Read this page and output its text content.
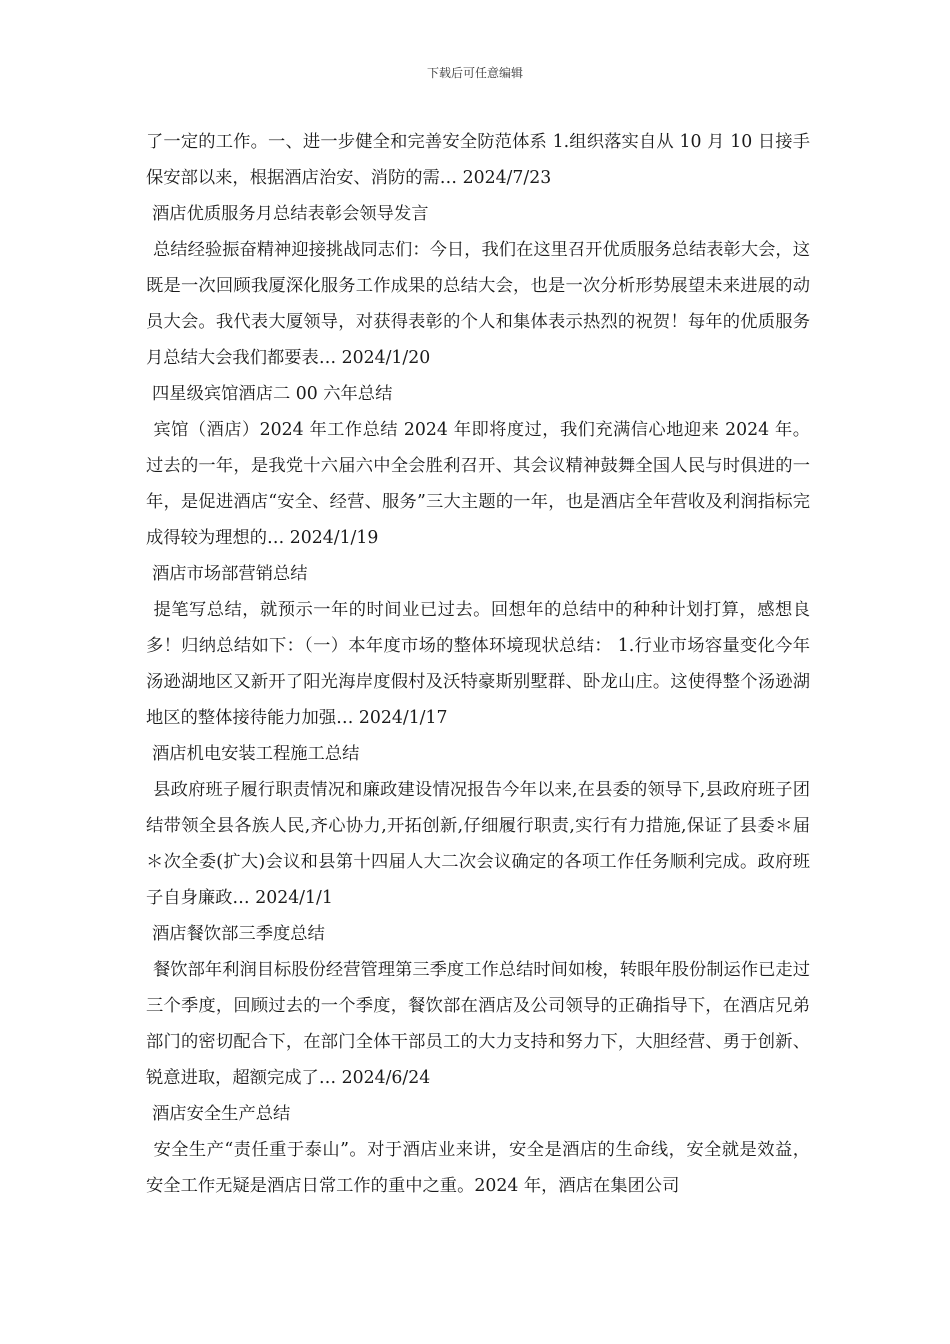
下载后可任意编辑

了一定的工作。一、进一步健全和完善安全防范体系 1.组织落实自从 10 月 10 日接手保安部以来，根据酒店治安、消防的需… 2024/7/23

酒店优质服务月总结表彰会领导发言

总结经验振奋精神迎接挑战同志们：今日，我们在这里召开优质服务总结表彰大会，这既是一次回顾我厦深化服务工作成果的总结大会，也是一次分析形势展望未来进展的动员大会。我代表大厦领导，对获得表彰的个人和集体表示热烈的祝贺！每年的优质服务月总结大会我们都要表… 2024/1/20

四星级宾馆酒店二 00 六年总结

宾馆（酒店）2024 年工作总结 2024 年即将度过，我们充满信心地迎来 2024 年。过去的一年，是我党十六届六中全会胜利召开、其会议精神鼓舞全国人民与时俱进的一年，是促进酒店“安全、经营、服务”三大主题的一年，也是酒店全年营收及利润指标完成得较为理想的… 2024/1/19

酒店市场部营销总结

提笔写总结，就预示一年的时间业已过去。回想年的总结中的种种计划打算，感想良多！归纳总结如下：（一）本年度市场的整体环境现状总结： 1.行业市场容量变化今年汤逊湖地区又新开了阳光海岸度假村及沃特豪斯别墅群、卧龙山庄。这使得整个汤逊湖地区的整体接待能力加强… 2024/1/17

酒店机电安装工程施工总结

县政府班子履行职责情况和廉政建设情况报告今年以来,在县委的领导下,县政府班子团结带领全县各族人民,齐心协力,开拓创新,仔细履行职责,实行有力措施,保证了县委＊届＊次全委(扩大)会议和县第十四届人大二次会议确定的各项工作任务顺利完成。政府班子自身廉政… 2024/1/1

酒店餐饮部三季度总结

餐饮部年利润目标股份经营管理第三季度工作总结时间如梭，转眼年股份制运作已走过三个季度，回顾过去的一个季度，餐饮部在酒店及公司领导的正确指导下，在酒店兄弟部门的密切配合下，在部门全体干部员工的大力支持和努力下，大胆经营、勇于创新、锐意进取，超额完成了… 2024/6/24

酒店安全生产总结

安全生产“责任重于泰山”。对于酒店业来讲，安全是酒店的生命线，安全就是效益，安全工作无疑是酒店日常工作的重中之重。2024 年，酒店在集团公司
